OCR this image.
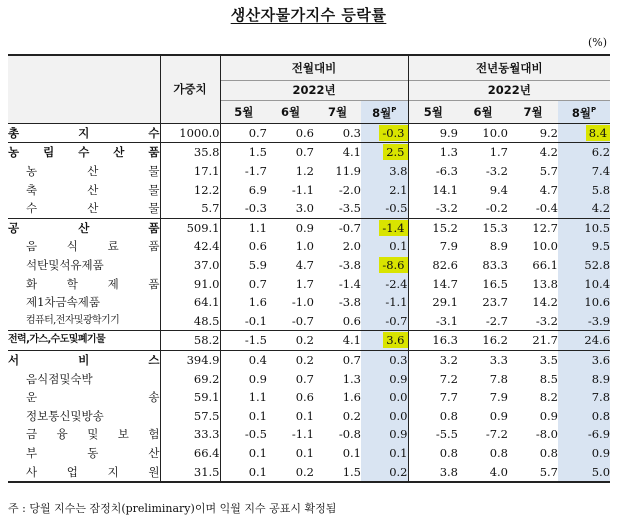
생산자물가지수 등락률
(%)
	가중치	전월대비				전년동월대비			
		2022년				2022년			
		5월	6월	7월	8월$^P$	5월	6월	7월	8월$^P$
총 지 수	1000.0	0.7	0.6	0.3	-0.3	9.9	10.0	9.2	8.4
농 림 수 산 품	35.8	1.5	0.7	4.1	2.5	1.3	1.7	4.2	6.2
농 산 물	17.1	-1.7	1.2	11.9	3.8	-6.3	-3.2	5.7	7.4
축 산 물	12.2	6.9	-1.1	-2.0	2.1	14.1	9.4	4.7	5.8
수 산 물	5.7	-0.3	3.0	-3.5	-0.5	-3.2	-0.2	-0.4	4.2
공 산 품	509.1	1.1	0.9	-0.7	-1.4	15.2	15.3	12.7	10.5
음 식 료 품	42.4	0.6	1.0	2.0	0.1	7.9	8.9	10.0	9.5
석탄및석유제품	37.0	5.9	4.7	-3.8	-8.6	82.6	83.3	66.1	52.8
화 학 제 품	91.0	0.7	1.7	-1.4	-2.4	14.7	16.5	13.8	10.4
제1차금속제품	64.1	1.6	-1.0	-3.8	-1.1	29.1	23.7	14.2	10.6
컴퓨터,전자및광학기기	48.5	-0.1	-0.7	0.6	-0.7	-3.1	-2.7	-3.2	-3.9
전력,가스,수도및폐기물	58.2	-1.5	0.2	4.1	3.6	16.3	16.2	21.7	24.6
서 비 스	394.9	0.4	0.2	0.7	0.3	3.2	3.3	3.5	3.6
음식점및숙박	69.2	0.9	0.7	1.3	0.9	7.2	7.8	8.5	8.9
운 송	59.1	1.1	0.6	1.6	0.0	7.7	7.9	8.2	7.8
정보통신및방송	57.5	0.1	0.1	0.2	0.0	0.8	0.9	0.9	0.8
금 융 및 보 험	33.3	-0.5	-1.1	-0.8	0.9	-5.5	-7.2	-8.0	-6.9
부 동 산	66.4	0.1	0.1	0.1	0.1	0.8	0.8	0.8	0.9
사 업 지 원	31.5	0.1	0.2	1.5	0.2	3.8	4.0	5.7	5.0
주 : 당월 지수는 잠정치(preliminary)이며 익월 지수 공표시 확정됨
